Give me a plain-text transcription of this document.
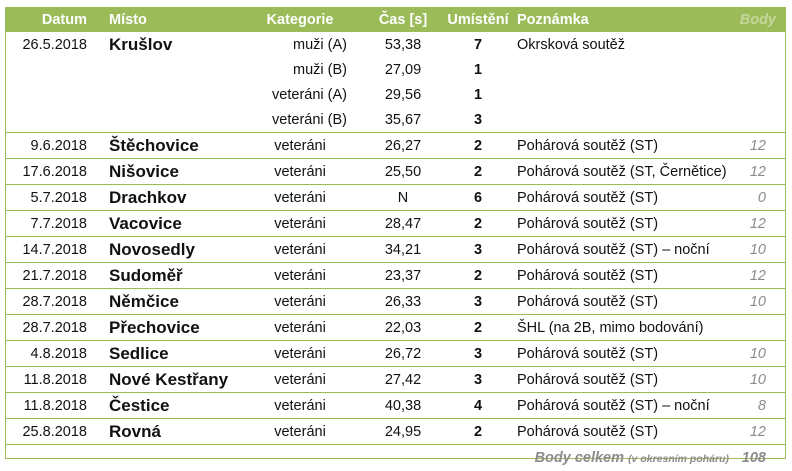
Datum	Místo	Kategorie	Čas [s]	Umístění	Poznámka	Body
26.5.2018	Krušlov	muži (A)	53,38	7	Okrsková soutěž	
		muži (B)	27,09	1		
		veteráni (A)	29,56	1		
		veteráni (B)	35,67	3		
9.6.2018	Štěchovice	veteráni	26,27	2	Pohárová soutěž (ST)	12
17.6.2018	Nišovice	veteráni	25,50	2	Pohárová soutěž (ST, Černětice)	12
5.7.2018	Drachkov	veteráni	N	6	Pohárová soutěž (ST)	0
7.7.2018	Vacovice	veteráni	28,47	2	Pohárová soutěž (ST)	12
14.7.2018	Novosedly	veteráni	34,21	3	Pohárová soutěž (ST) – noční	10
21.7.2018	Sudoměř	veteráni	23,37	2	Pohárová soutěž (ST)	12
28.7.2018	Němčice	veteráni	26,33	3	Pohárová soutěž (ST)	10
28.7.2018	Přechovice	veteráni	22,03	2	ŠHL (na 2B, mimo bodování)	
4.8.2018	Sedlice	veteráni	26,72	3	Pohárová soutěž (ST)	10
11.8.2018	Nové Kestřany	veteráni	27,42	3	Pohárová soutěž (ST)	10
11.8.2018	Čestice	veteráni	40,38	4	Pohárová soutěž (ST) – noční	8
25.8.2018	Rovná	veteráni	24,95	2	Pohárová soutěž (ST)	12
Body celkem (v okresním poháru)						108
